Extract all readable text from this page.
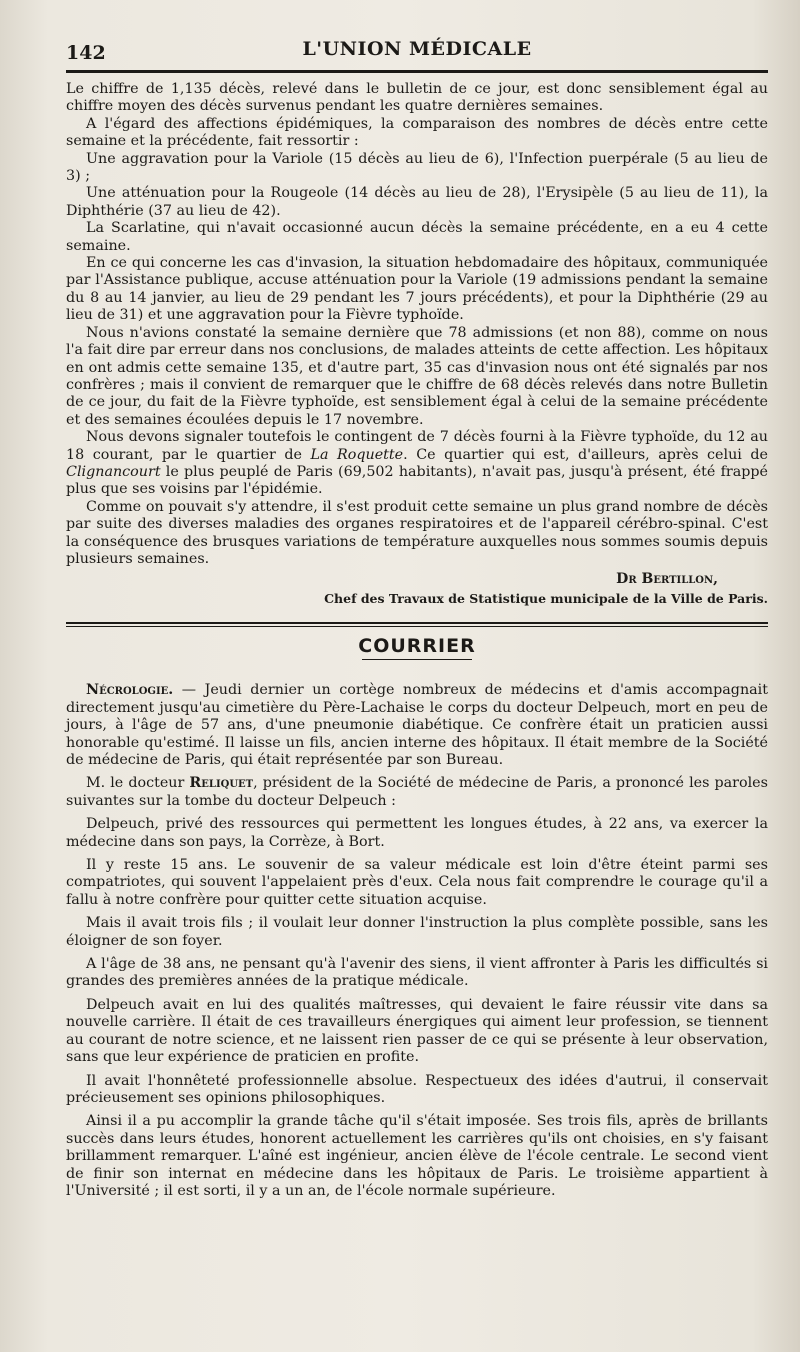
142	L'UNION MÉDICALE

Le chiffre de 1,135 décès, relevé dans le bulletin de ce jour, est donc sensiblement égal au chiffre moyen des décès survenus pendant les quatre dernières semaines.

A l'égard des affections épidémiques, la comparaison des nombres de décès entre cette semaine et la précédente, fait ressortir :

Une aggravation pour la Variole (15 décès au lieu de 6), l'Infection puerpérale (5 au lieu de 3) ;

Une atténuation pour la Rougeole (14 décès au lieu de 28), l'Erysipèle (5 au lieu de 11), la Diphthérie (37 au lieu de 42).

La Scarlatine, qui n'avait occasionné aucun décès la semaine précédente, en a eu 4 cette semaine.

En ce qui concerne les cas d'invasion, la situation hebdomadaire des hôpitaux, communiquée par l'Assistance publique, accuse atténuation pour la Variole (19 admissions pendant la semaine du 8 au 14 janvier, au lieu de 29 pendant les 7 jours précédents), et pour la Diphthérie (29 au lieu de 31) et une aggravation pour la Fièvre typhoïde.

Nous n'avions constaté la semaine dernière que 78 admissions (et non 88), comme on nous l'a fait dire par erreur dans nos conclusions, de malades atteints de cette affection. Les hôpitaux en ont admis cette semaine 135, et d'autre part, 35 cas d'invasion nous ont été signalés par nos confrères ; mais il convient de remarquer que le chiffre de 68 décès relevés dans notre Bulletin de ce jour, du fait de la Fièvre typhoïde, est sensiblement égal à celui de la semaine précédente et des semaines écoulées depuis le 17 novembre.

Nous devons signaler toutefois le contingent de 7 décès fourni à la Fièvre typhoïde, du 12 au 18 courant, par le quartier de La Roquette. Ce quartier qui est, d'ailleurs, après celui de Clignancourt le plus peuplé de Paris (69,502 habitants), n'avait pas, jusqu'à présent, été frappé plus que ses voisins par l'épidémie.

Comme on pouvait s'y attendre, il s'est produit cette semaine un plus grand nombre de décès par suite des diverses maladies des organes respiratoires et de l'appareil cérébro-spinal. C'est la conséquence des brusques variations de température auxquelles nous sommes soumis depuis plusieurs semaines.

Dr Bertillon,
Chef des Travaux de Statistique municipale de la Ville de Paris.
COURRIER

Nécrologie. — Jeudi dernier un cortège nombreux de médecins et d'amis accompagnait directement jusqu'au cimetière du Père-Lachaise le corps du docteur Delpeuch, mort en peu de jours, à l'âge de 57 ans, d'une pneumonie diabétique. Ce confrère était un praticien aussi honorable qu'estimé. Il laisse un fils, ancien interne des hôpitaux. Il était membre de la Société de médecine de Paris, qui était représentée par son Bureau.

M. le docteur Reliquet, président de la Société de médecine de Paris, a prononcé les paroles suivantes sur la tombe du docteur Delpeuch :

Delpeuch, privé des ressources qui permettent les longues études, à 22 ans, va exercer la médecine dans son pays, la Corrèze, à Bort.

Il y reste 15 ans. Le souvenir de sa valeur médicale est loin d'être éteint parmi ses compatriotes, qui souvent l'appelaient près d'eux. Cela nous fait comprendre le courage qu'il a fallu à notre confrère pour quitter cette situation acquise.

Mais il avait trois fils ; il voulait leur donner l'instruction la plus complète possible, sans les éloigner de son foyer.

A l'âge de 38 ans, ne pensant qu'à l'avenir des siens, il vient affronter à Paris les difficultés si grandes des premières années de la pratique médicale.

Delpeuch avait en lui des qualités maîtresses, qui devaient le faire réussir vite dans sa nouvelle carrière. Il était de ces travailleurs énergiques qui aiment leur profession, se tiennent au courant de notre science, et ne laissent rien passer de ce qui se présente à leur observation, sans que leur expérience de praticien en profite.

Il avait l'honnêteté professionnelle absolue. Respectueux des idées d'autrui, il conservait précieusement ses opinions philosophiques.

Ainsi il a pu accomplir la grande tâche qu'il s'était imposée. Ses trois fils, après de brillants succès dans leurs études, honorent actuellement les carrières qu'ils ont choisies, en s'y faisant brillamment remarquer. L'aîné est ingénieur, ancien élève de l'école centrale. Le second vient de finir son internat en médecine dans les hôpitaux de Paris. Le troisième appartient à l'Université ; il est sorti, il y a un an, de l'école normale supérieure.
